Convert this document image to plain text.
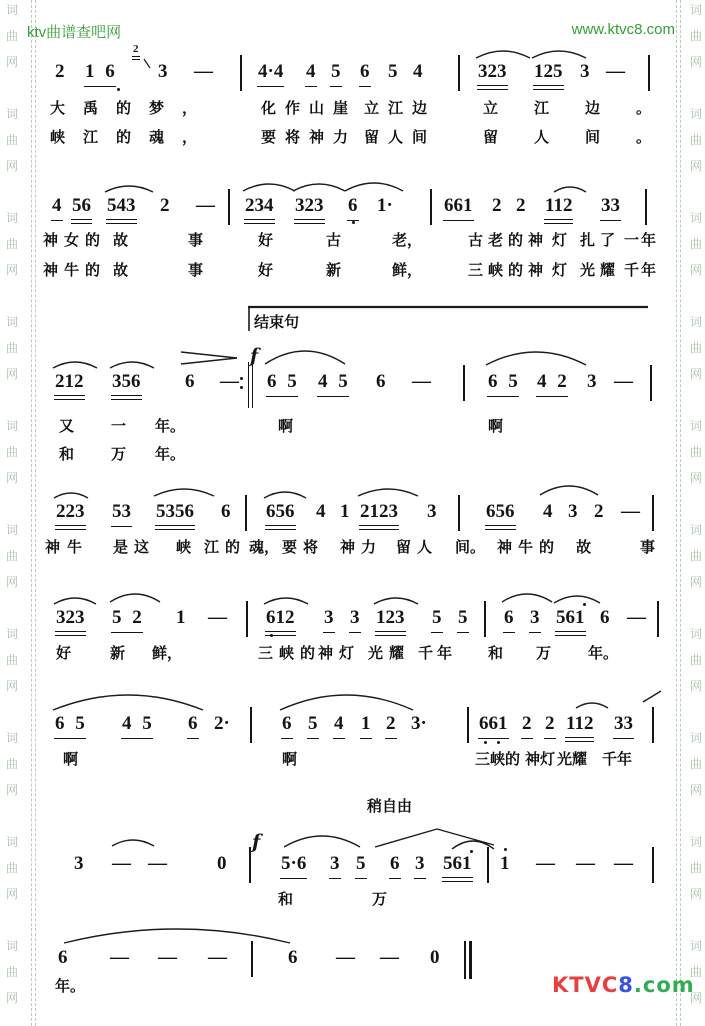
词	词
曲	曲
网	网
词	词
曲	曲
网	网
词	词
曲	曲
网	网
词	词
曲	曲
网	网
词	词
曲	曲
网	网
词	词
曲	曲
网	网
词	词
曲	曲
网	网
词	词
曲	曲
网	网
词	词
曲	曲
网	网
词	词
曲	曲
网	网
ktv曲谱查吧网	www.ktvc8.com
结束句
稍自由
2 1 6
2
3 — 4·4 4 5 6 5 4	323 125 3 —
大禹的梦，	化作山崖 立江边	立江边。
峡江的魂，	要将神力 留人间	留人间。
4 56 543 2 — 234 323 6 1·	661 2 2 112 33
神女的 故	事	好	古	老，	古老的神 灯 扎了 一年
神牛的 故	事	好	新	鲜，	三峡的神 灯 光耀 千年
212 356 6 — 6 5 4 5 6 —	6 5 4 2 3 —
又 一 年。	啊	啊
和 万 年。
223 53 5356 6 656 4 1 2123 3	656 4 3 2 —
神牛 是这 峡 江的 魂， 要将 神力 留人 间。 神牛的 故	事
323 5 2 1 — 612 3 3 123 5 5 6 3 561 6 —
好	新 鲜，	三峡的
神灯 光耀 千年 和 万 年。
6 5 4 5 6 2·	6 5 4 1 2 3·	661 2 2 112 33
啊	啊	三峡的 神 灯 光耀 千年
3 — —	0	5·6 3 5 6 3 561 1 — — —
和	万
6 — — —	6 — — 0
年。
f
f
KTVC8.com
